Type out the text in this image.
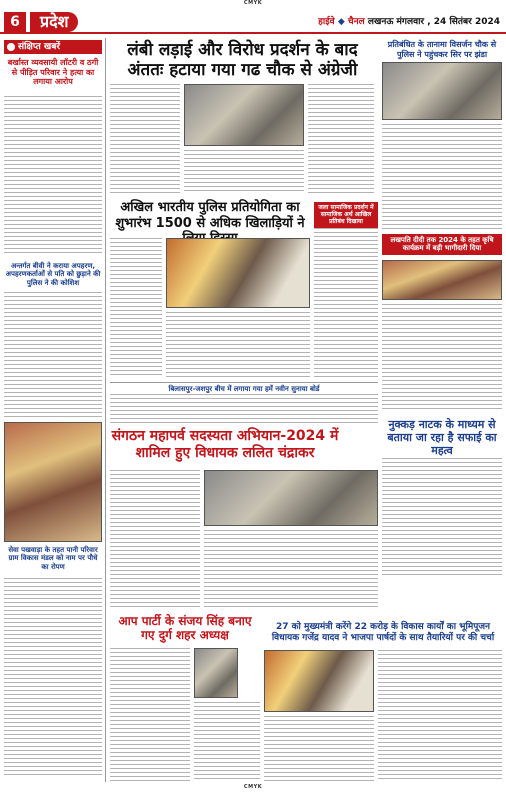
CMYK
6	प्रदेश	हाईवे ◆ चैनल लखनऊ मंगलवार , 24 सितंबर 2024
संक्षिप्त खबरें
बर्खास्त व्यवसायी लॉटरी व ठगी से पीड़ित परिवार ने हत्या का लगाया आरोप
अन्तर्गत बीवी ने कराया अपहरण, अपहरणकर्ताओं से पति को छुड़ाने की पुलिस ने की कोशिश
सेवा पखवाड़ा के तहत पानी परिवार ग्राम विकास मंडल को नाम पर पौधे का रोपण
लंबी लड़ाई और विरोध प्रदर्शन के बाद अंततः हटाया गया गढ चौक से अंग्रेजी
प्रतिबंधित के तानामा विसर्जन चौक से पुलिस ने पहुंचकर सिर पर झंडा
अखिल भारतीय पुलिस प्रतियोगिता का शुभारंभ 1500 से अधिक खिलाड़ियों ने
जला सामाजिक प्रदर्शन में सामाजिक अर्थ आखिल प्रतिबंध दिखाया
लखपति दीदी तक 2024 के तहत कृषि कार्यक्रम में बड़ी भागीदारी दिया
बिलासपुर-जशपुर बीच में लगाया गया हमें नवीन सुनाया बोर्ड
संगठन महापर्व सदस्यता अभियान-2024 में शामिल हुए विधायक ललित चंद्राकर
नुक्कड़ नाटक के माध्यम से बताया जा रहा है सफाई का महत्व
आप पार्टी के संजय सिंह बनाए गए दुर्ग शहर अध्यक्ष
27 को मुख्यमंत्री करेंगे 22 करोड़ के विकास कार्यों का भूमिपूजन विधायक गजेंद्र यादव ने भाजपा पार्षदों के साथ तैयारियों पर की चर्चा
CMYK
